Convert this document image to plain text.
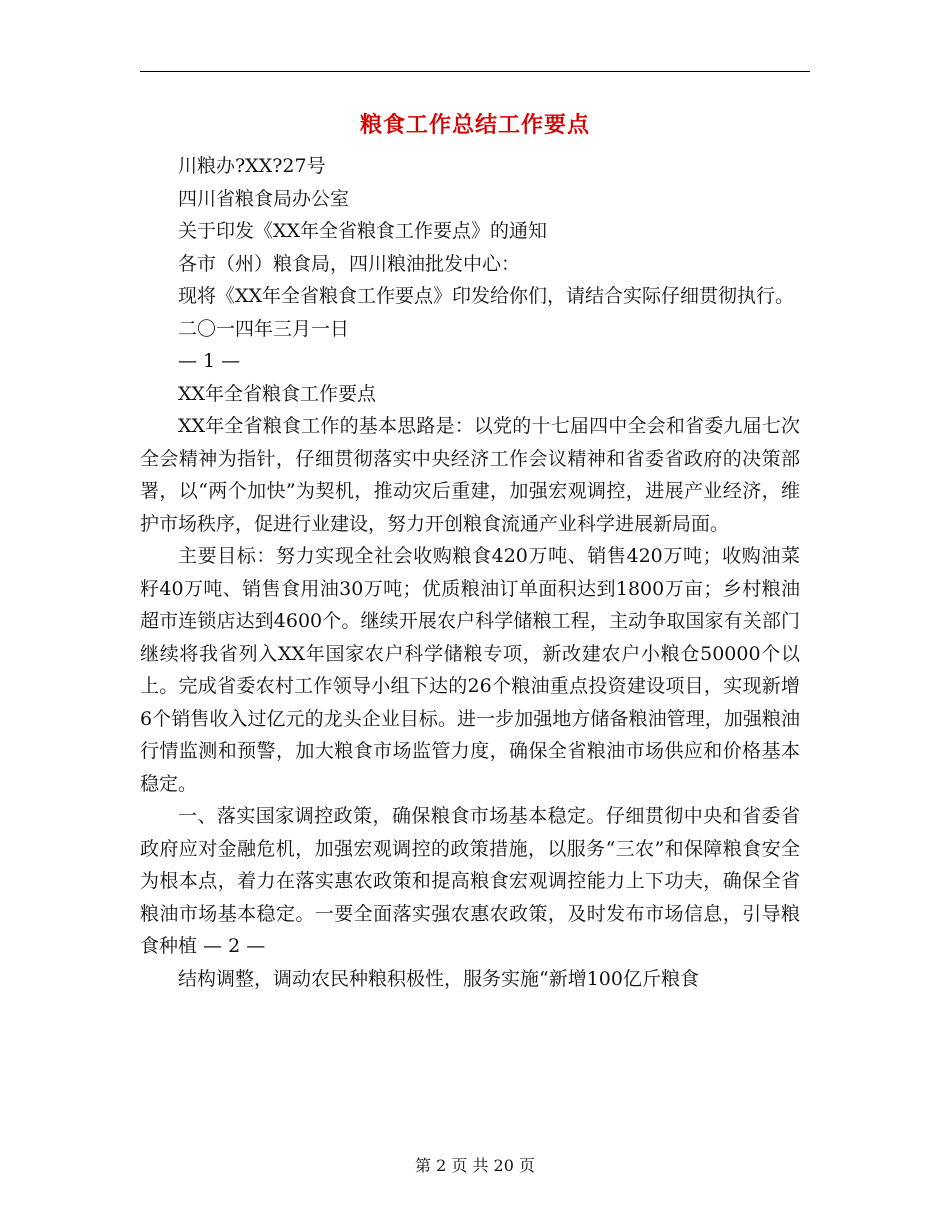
粮食工作总结工作要点

川粮办?XX?27号

四川省粮食局办公室

关于印发《XX年全省粮食工作要点》的通知

各市（州）粮食局，四川粮油批发中心：

现将《XX年全省粮食工作要点》印发给你们，请结合实际仔细贯彻执行。

二〇一四年三月一日

— 1 —

XX年全省粮食工作要点

XX年全省粮食工作的基本思路是：以党的十七届四中全会和省委九届七次全会精神为指针，仔细贯彻落实中央经济工作会议精神和省委省政府的决策部署，以“两个加快”为契机，推动灾后重建，加强宏观调控，进展产业经济，维护市场秩序，促进行业建设，努力开创粮食流通产业科学进展新局面。

主要目标：努力实现全社会收购粮食420万吨、销售420万吨；收购油菜籽40万吨、销售食用油30万吨；优质粮油订单面积达到1800万亩；乡村粮油超市连锁店达到4600个。继续开展农户科学储粮工程，主动争取国家有关部门继续将我省列入XX年国家农户科学储粮专项，新改建农户小粮仓50000个以上。完成省委农村工作领导小组下达的26个粮油重点投资建设项目，实现新增6个销售收入过亿元的龙头企业目标。进一步加强地方储备粮油管理，加强粮油行情监测和预警，加大粮食市场监管力度，确保全省粮油市场供应和价格基本稳定。

一、落实国家调控政策，确保粮食市场基本稳定。仔细贯彻中央和省委省政府应对金融危机，加强宏观调控的政策措施，以服务“三农”和保障粮食安全为根本点，着力在落实惠农政策和提高粮食宏观调控能力上下功夫，确保全省粮油市场基本稳定。一要全面落实强农惠农政策，及时发布市场信息，引导粮食种植 — 2 —

结构调整，调动农民种粮积极性，服务实施“新增100亿斤粮食

第 2 页 共 20 页
